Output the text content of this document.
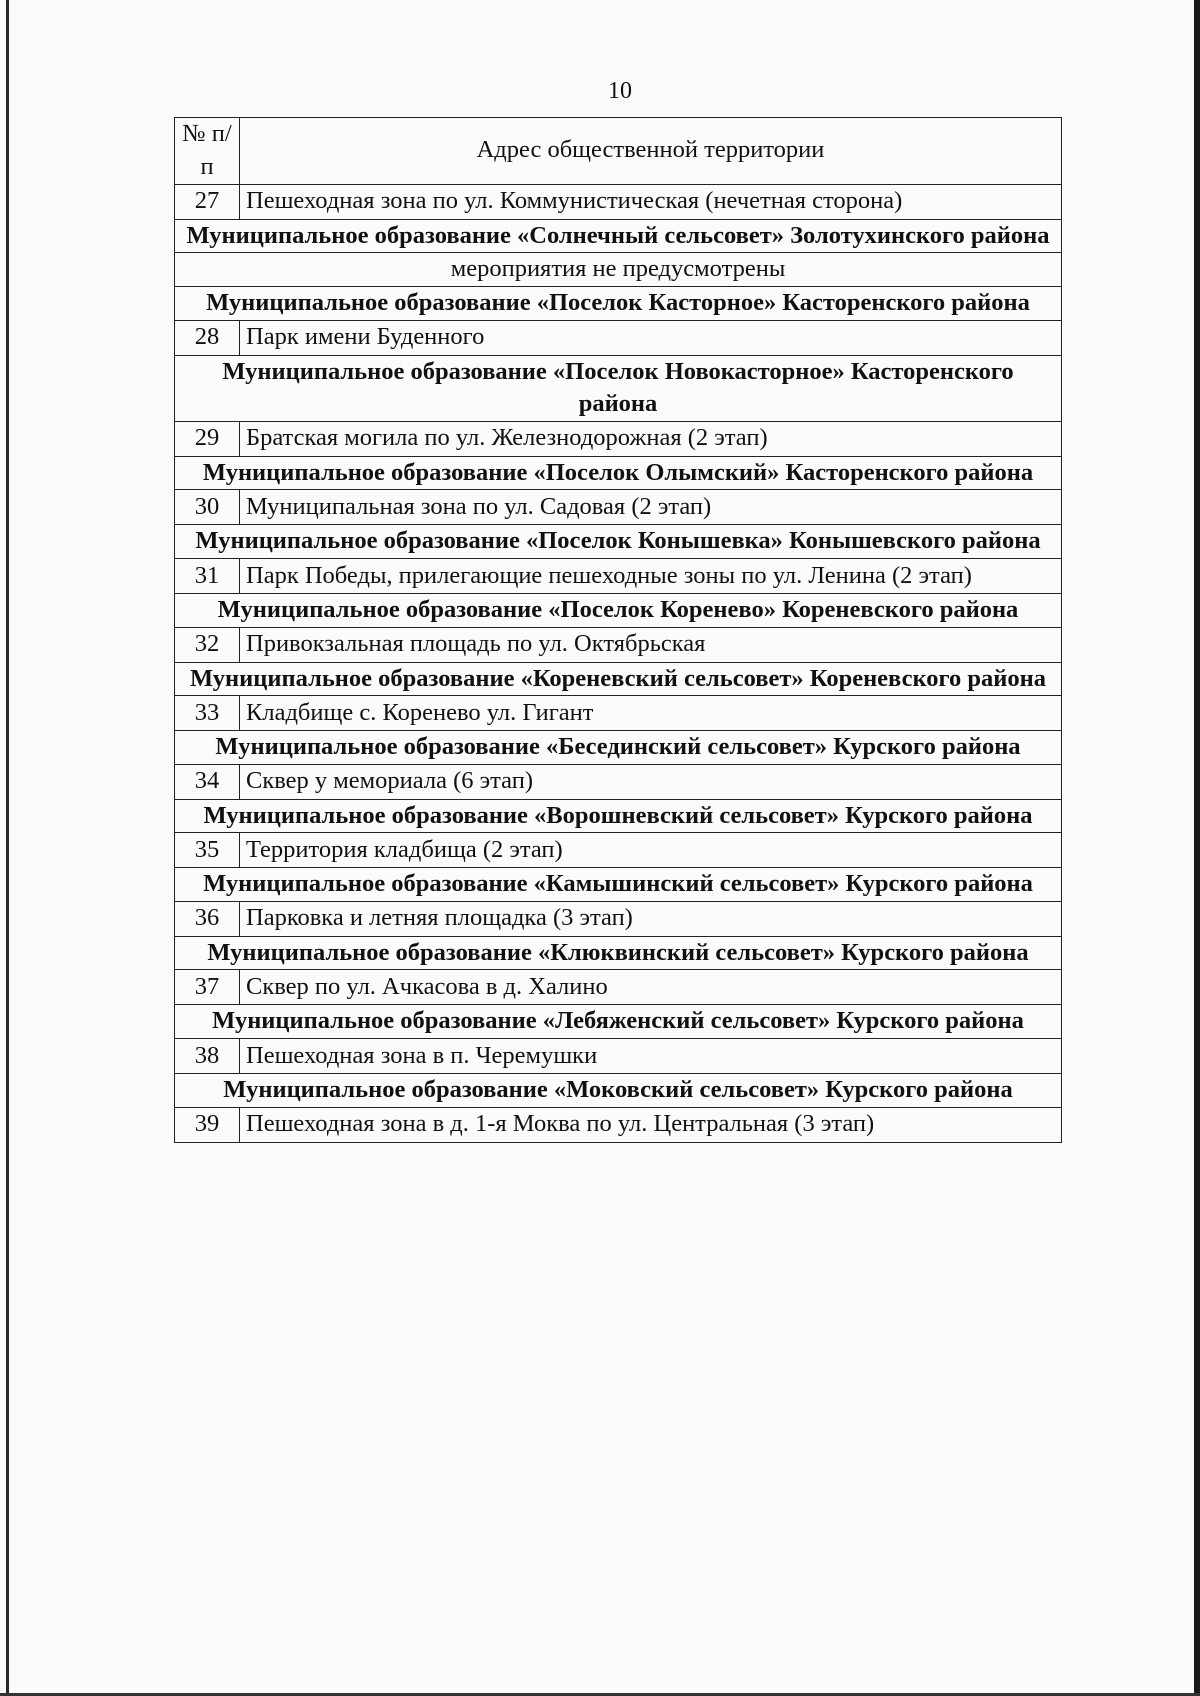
10
№ п/п	Адрес общественной территории
27	Пешеходная зона по ул. Коммунистическая (нечетная сторона)
Муниципальное образование «Солнечный сельсовет» Золотухинского района	
мероприятия не предусмотрены	
Муниципальное образование «Поселок Касторное» Касторенского района	
28	Парк имени Буденного
Муниципальное образование «Поселок Новокасторное» Касторенского района	
29	Братская могила по ул. Железнодорожная (2 этап)
Муниципальное образование «Поселок Олымский» Касторенского района	
30	Муниципальная зона по ул. Садовая (2 этап)
Муниципальное образование «Поселок Конышевка» Конышевского района	
31	Парк Победы, прилегающие пешеходные зоны по ул. Ленина (2 этап)
Муниципальное образование «Поселок Коренево» Кореневского района	
32	Привокзальная площадь по ул. Октябрьская
Муниципальное образование «Кореневский сельсовет» Кореневского района	
33	Кладбище с. Коренево ул. Гигант
Муниципальное образование «Бесединский сельсовет» Курского района	
34	Сквер у мемориала (6 этап)
Муниципальное образование «Ворошневский сельсовет» Курского района	
35	Территория кладбища (2 этап)
Муниципальное образование «Камышинский сельсовет» Курского района	
36	Парковка и летняя площадка (3 этап)
Муниципальное образование «Клюквинский сельсовет» Курского района	
37	Сквер по ул. Ачкасова в д. Халино
Муниципальное образование «Лебяженский сельсовет» Курского района	
38	Пешеходная зона в п. Черемушки
Муниципальное образование «Моковский сельсовет» Курского района	
39	Пешеходная зона в д. 1-я Моква по ул. Центральная (3 этап)
